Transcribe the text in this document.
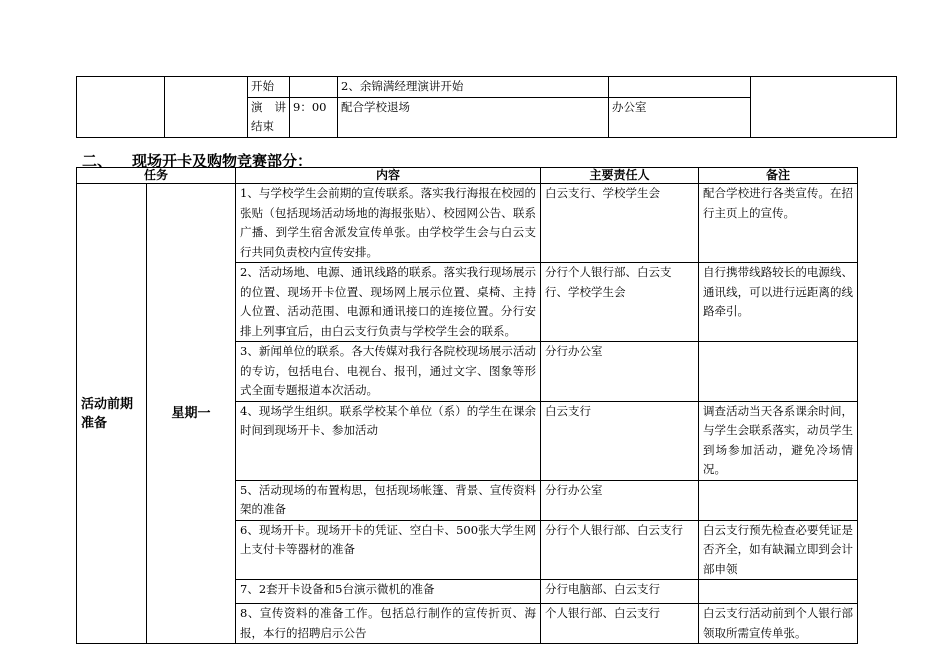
		开始		2、余锦满经理演讲开始		
		演 讲 结束	9：00	配合学校退场	办公室	
二、 现场开卡及购物竞赛部分：
任务		内容	主要责任人	备注
活动前期准备	星期一	1、与学校学生会前期的宣传联系。落实我行海报在校园的张贴（包括现场活动场地的海报张贴）、校园网公告、联系广播、到学生宿舍派发宣传单张。由学校学生会与白云支行共同负责校内宣传安排。	白云支行、学校学生会	配合学校进行各类宣传。在招行主页上的宣传。
		2、活动场地、电源、通讯线路的联系。落实我行现场展示的位置、现场开卡位置、现场网上展示位置、桌椅、主持人位置、活动范围、电源和通讯接口的连接位置。分行安排上列事宜后，由白云支行负责与学校学生会的联系。	分行个人银行部、白云支行、学校学生会	自行携带线路较长的电源线、通讯线，可以进行远距离的线路牵引。
		3、新闻单位的联系。各大传媒对我行各院校现场展示活动的专访，包括电台、电视台、报刊，通过文字、图象等形式全面专题报道本次活动。	分行办公室	
		4、现场学生组织。联系学校某个单位（系）的学生在课余时间到现场开卡、参加活动	白云支行	调查活动当天各系课余时间，与学生会联系落实，动员学生到场参加活动，避免冷场情况。
		5、活动现场的布置构思，包括现场帐篷、背景、宣传资料架的准备	分行办公室	
		6、现场开卡。现场开卡的凭证、空白卡、500张大学生网上支付卡等器材的准备	分行个人银行部、白云支行	白云支行预先检查必要凭证是否齐全，如有缺漏立即到会计部申领
		7、2套开卡设备和5台演示微机的准备	分行电脑部、白云支行	
		8、宣传资料的准备工作。包括总行制作的宣传折页、海报，本行的招聘启示公告	个人银行部、白云支行	白云支行活动前到个人银行部领取所需宣传单张。
